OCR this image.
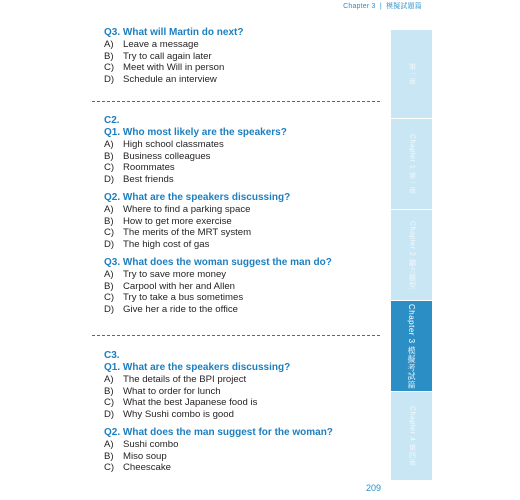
Chapter 3 | 模擬試題篇

Q3. What will Martin do next?

A) Leave a message

B) Try to call again later

C) Meet with Will in person

D) Schedule an interview

C2.

Q1. Who most likely are the speakers?

A) High school classmates

B) Business colleagues

C) Roommates

D) Best friends

Q2. What are the speakers discussing?

A) Where to find a parking space

B) How to get more exercise

C) The merits of the MRT system

D) The high cost of gas

Q3. What does the woman suggest the man do?

A) Try to save more money

B) Carpool with her and Allen

C) Try to take a bus sometimes

D) Give her a ride to the office

C3.

Q1. What are the speakers discussing?

A) The details of the BPI project

B) What to order for lunch

C) What the best Japanese food is

D) Why Sushi combo is good

Q2. What does the man suggest for the woman?

A) Sushi combo

B) Miso soup

C) Cheescake

第一章
Chapter 1 第一章
Chapter 2 聽力題型
Chapter 3 模擬考試篇
Chapter 4 第四章
209
